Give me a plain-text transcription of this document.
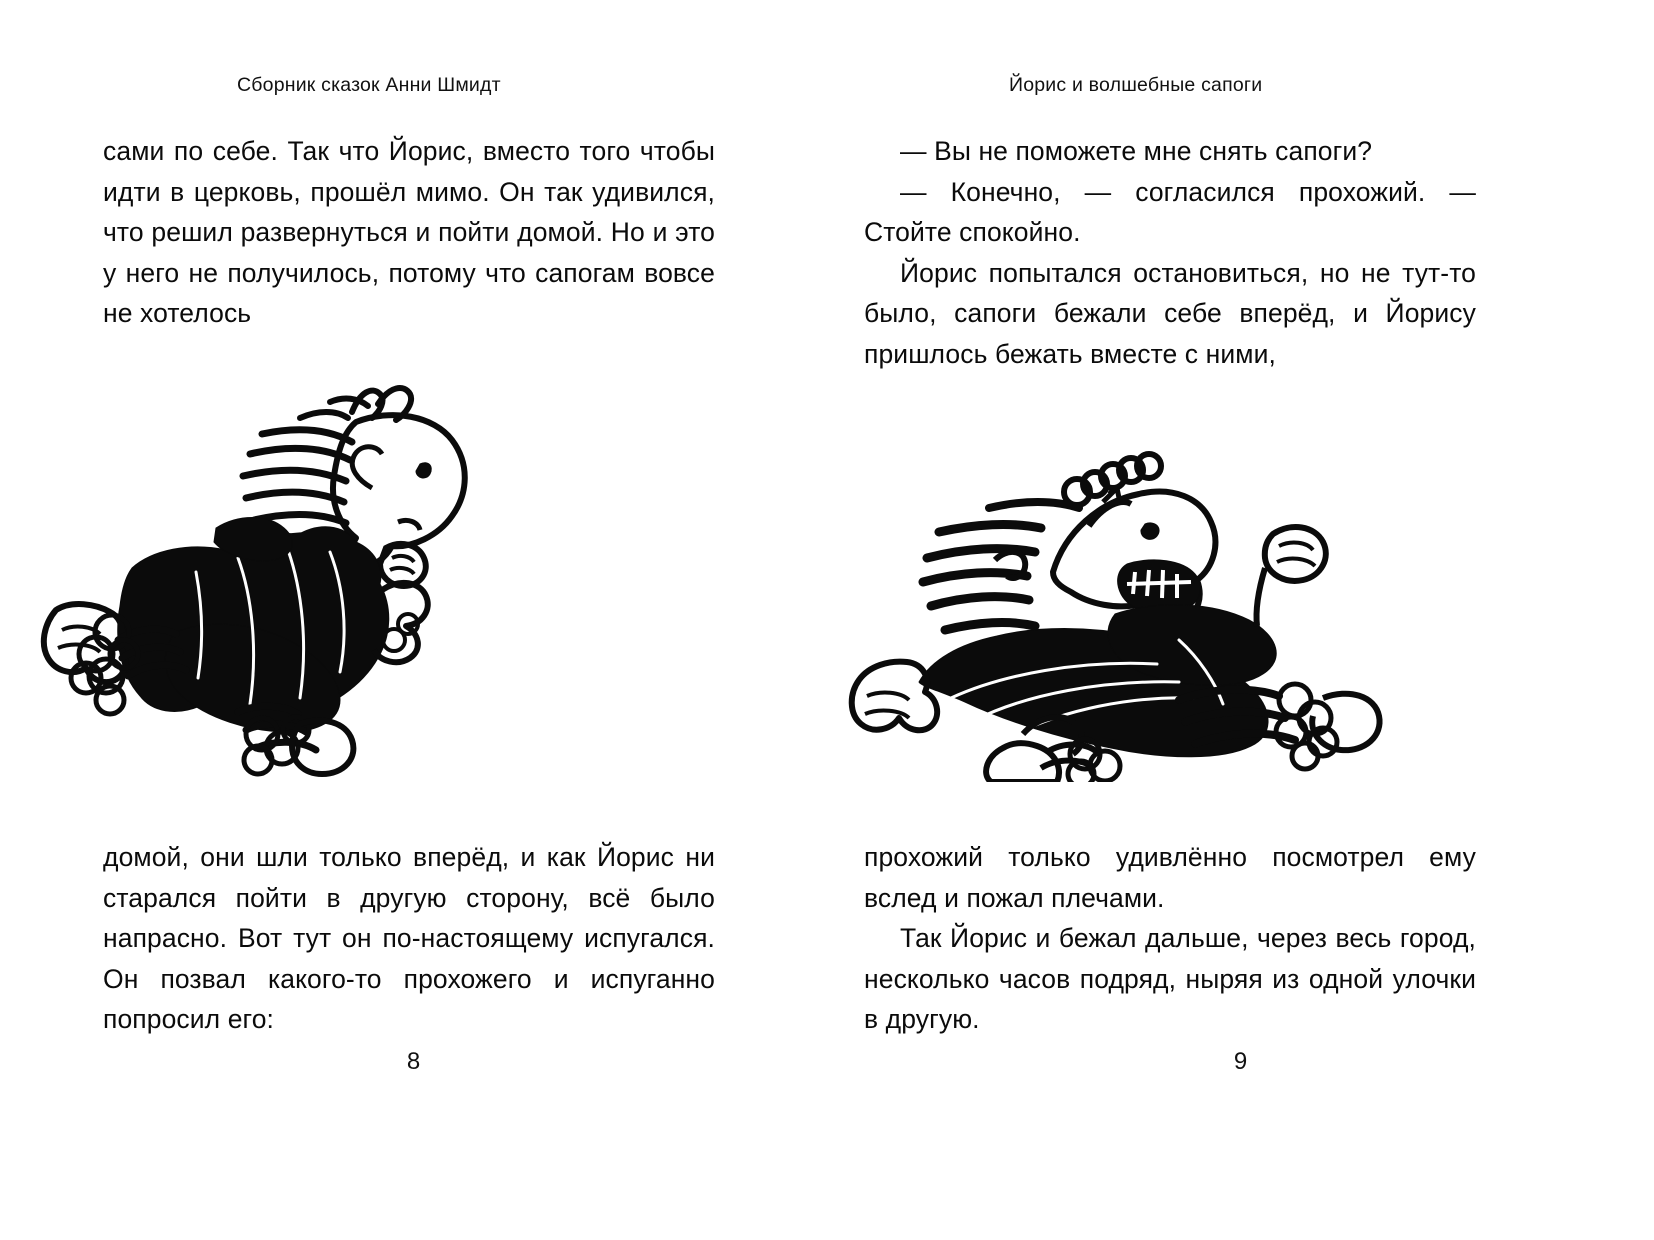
Сборник сказок Анни Шмидт

сами по себе. Так что Йорис, вместо того чтобы идти в церковь, прошёл мимо. Он так удивился, что решил развернуться и пойти домой. Но и это у него не получилось, потому что сапогам вовсе не хотелось

домой, они шли только вперёд, и как Йорис ни старался пойти в другую сторону, всё было напрасно. Вот тут он по-настоящему испугался. Он позвал какого-то прохожего и испуганно попросил его:

8
Йорис и волшебные сапоги

— Вы не поможете мне снять сапоги?

— Конечно, — согласился прохожий. — Стойте спокойно.

Йорис попытался остановиться, но не тут-то было, сапоги бежали себе вперёд, и Йорису пришлось бежать вместе с ними,

прохожий только удивлённо посмотрел ему вслед и пожал плечами.

Так Йорис и бежал дальше, через весь город, несколько часов подряд, ныряя из одной улочки в другую.

9
